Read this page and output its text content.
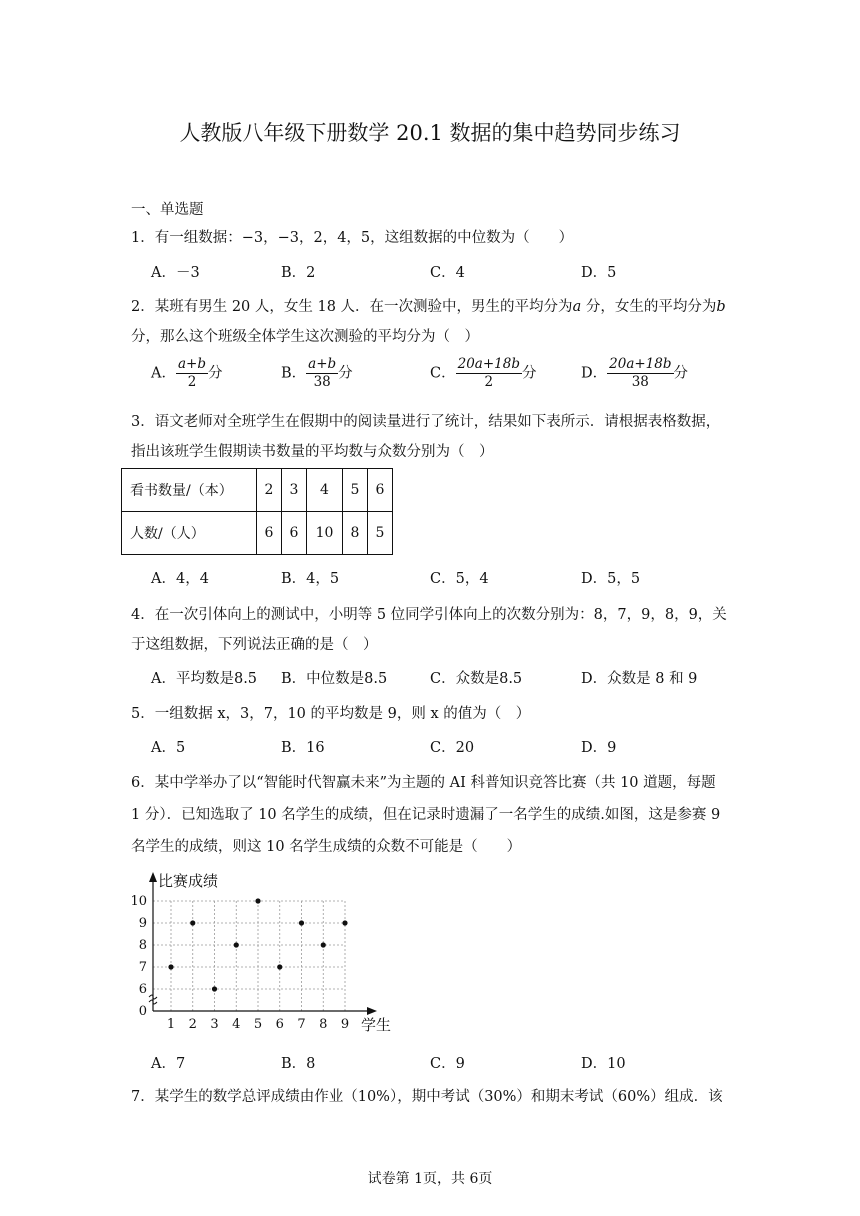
人教版八年级下册数学 20.1 数据的集中趋势同步练习
一、单选题
1．有一组数据：−3，−3，2，4，5，这组数据的中位数为（　　）
A．－3	B．2	C．4	D．5
2．某班有男生 20 人，女生 18 人．在一次测验中，男生的平均分为a 分，女生的平均分为b
分，那么这个班级全体学生这次测验的平均分为（　）
A． $\frac{a+b}{2}$ 分	B． $\frac{a+b}{38}$ 分	C． $\frac{20a+18b}{2}$ 分	D． $\frac{20a+18b}{38}$ 分
3．语文老师对全班学生在假期中的阅读量进行了统计，结果如下表所示．请根据表格数据，
指出该班学生假期读书数量的平均数与众数分别为（　）
看书数量/（本）	2	3	4	5	6
人数/（人）	6	6	10	8	5
A．4，4	B．4，5	C．5，4	D．5，5
4．在一次引体向上的测试中，小明等 5 位同学引体向上的次数分别为：8，7，9，8，9，关
于这组数据，下列说法正确的是（　）
A．平均数是8.5 B．中位数是8.5	C．众数是8.5	D．众数是 8 和 9
5．一组数据 x，3，7，10 的平均数是 9，则 x 的值为（　）
A．5	B．16	C．20	D．9
6．某中学举办了以“智能时代智赢未来”为主题的 AI 科普知识竞答比赛（共 10 道题，每题
1 分）．已知选取了 10 名学生的成绩，但在记录时遗漏了一名学生的成绩.如图，这是参赛 9
名学生的成绩，则这 10 名学生成绩的众数不可能是（　　）
6
7
8
9
10
0
1 2 3 4 5 6 7 8 9
比赛成绩
学生
A．7	B．8	C．9	D．10
7．某学生的数学总评成绩由作业（10%），期中考试（30%）和期末考试（60%）组成．该
试卷第 1页，共 6页
